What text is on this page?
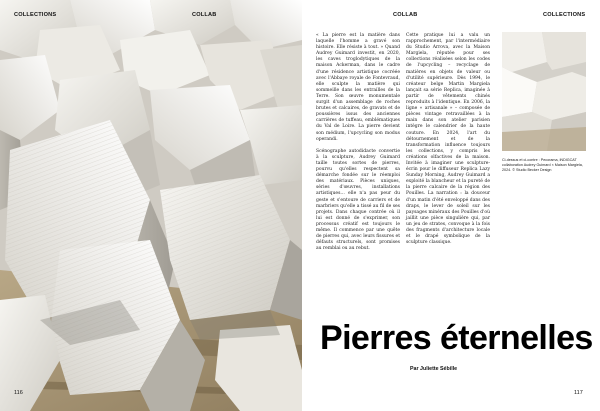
COLLECTIONS	COLLAB
116
COLLAB	COLLECTIONS

« La pierre est la matière dans laquelle l'homme a gravé son histoire. Elle résiste à tout. » Quand Audrey Guimard investit, en 2020, les caves troglodytiques de la maison Ackerman, dans le cadre d'une résidence artistique cocréée avec l'Abbaye royale de Fontevraud, elle sculpte la matière qui sommeille dans les entrailles de la Terre. Son œuvre monumentale surgit d'un assemblage de roches brutes et calcaires, de gravats et de poussières issus des anciennes carrières de tuffeau, emblématiques du Val de Loire. La pierre devient son médium, l'upcycling son modus operandi.

Scénographe autodidacte convertie à la sculpture, Audrey Guimard taille toutes sortes de pierres, pourvu qu'elles respectent sa démarche fondée sur le réemploi des matériaux. Pièces uniques, séries d'œuvres, installations artistiques… elle n'a pas peur du geste et s'entoure de carriers et de marbriers qu'elle a tissé au fil de ses projets. Dans chaque contrée où il lui est donné de s'exprimer, son processus créatif est toujours le même. Il commence par une quête de pierres qui, avec leurs fissures et défauts structurels, sont promises au remblai ou au rebut.

Cette pratique lui a valu un rapprochement, par l'intermédiaire du Studio Arrova, avec la Maison Margiela, réputée pour ses collections réalisées selon les codes de l'upcycling – recyclage de matières en objets de valeur ou d'utilité supérieure. Dès 1994, le créateur belge Martin Margiela lançait sa série Replica, imaginée à partir de vêtements chinés reproduits à l'identique. En 2006, la ligne « artisanale » – composée de pièces vintage retravaillées à la main dans son atelier parisien intègre le calendrier de la haute couture. En 2024, l'art du détournement et de la transformation influence toujours les collections, y compris les créations olfactives de la maison. Invitée à imaginer une sculpture-écrin pour le diffuseur Replica Lazy Sunday Morning, Audrey Guimard a exploité la blancheur et la pureté de la pierre calcaire de la région des Pouilles. La narration : la douceur d'un matin d'été enveloppé dans des draps, le lever de soleil sur les paysages minéraux des Pouilles d'où jaillit une pièce singulière qui, par un jeu de strates, convoque à la fois des fragments d'architecture locale et le drapé symbolique de la sculpture classique.

Ci-dessus et ci-contre : Pecorama, iNDIGCAT collaboration Audrey Guimard × Maison Margiela, 2024. © Studio Becker Design
Pierres éternelles
Par Juliette Sébille
117
